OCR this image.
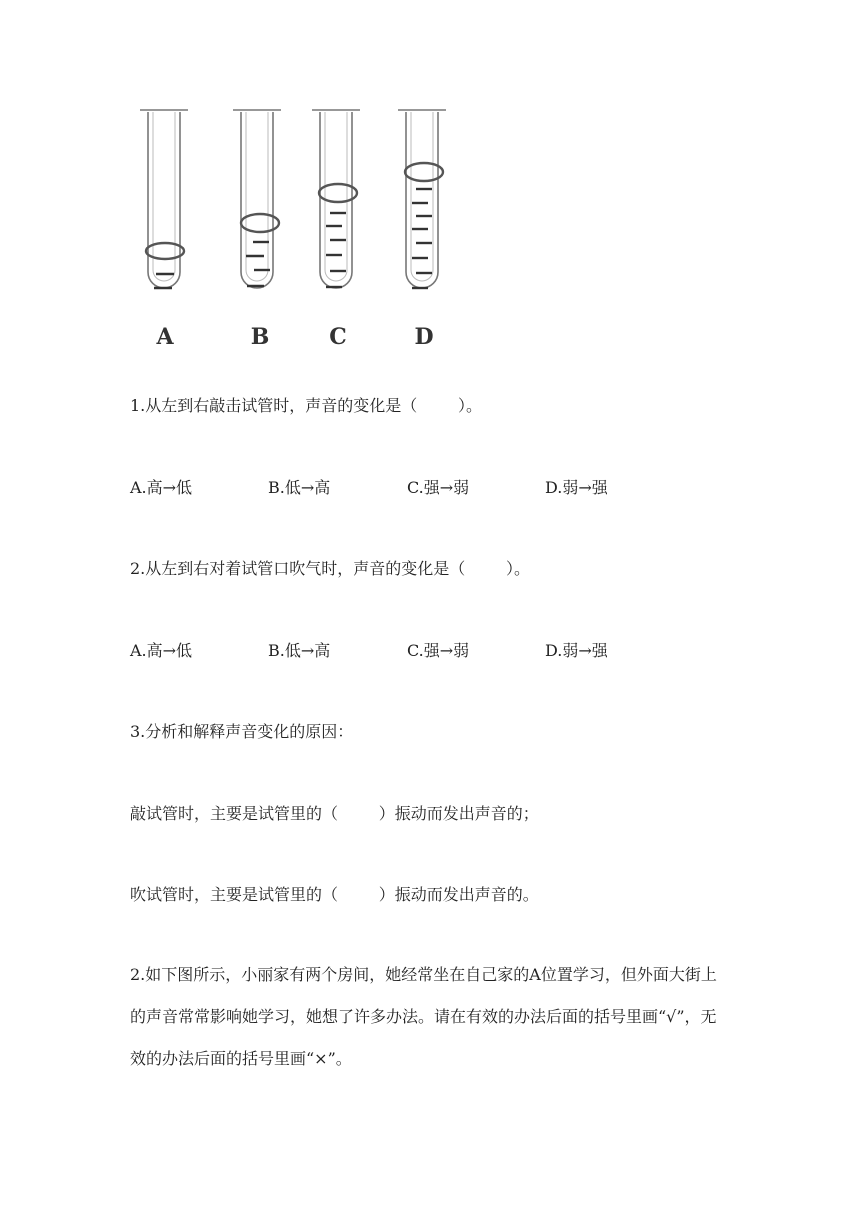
A	B	C	D

1.从左到右敲击试管时，声音的变化是（        ）。

A.高→低	B.低→高	C.强→弱	D.弱→强

2.从左到右对着试管口吹气时，声音的变化是（        ）。

A.高→低	B.低→高	C.强→弱	D.弱→强

3.分析和解释声音变化的原因：

敲试管时，主要是试管里的（        ）振动而发出声音的；

吹试管时，主要是试管里的（        ）振动而发出声音的。

2.如下图所示，小丽家有两个房间，她经常坐在自己家的A位置学习，但外面大街上的声音常常影响她学习，她想了许多办法。请在有效的办法后面的括号里画“√”，无效的办法后面的括号里画“×”。
